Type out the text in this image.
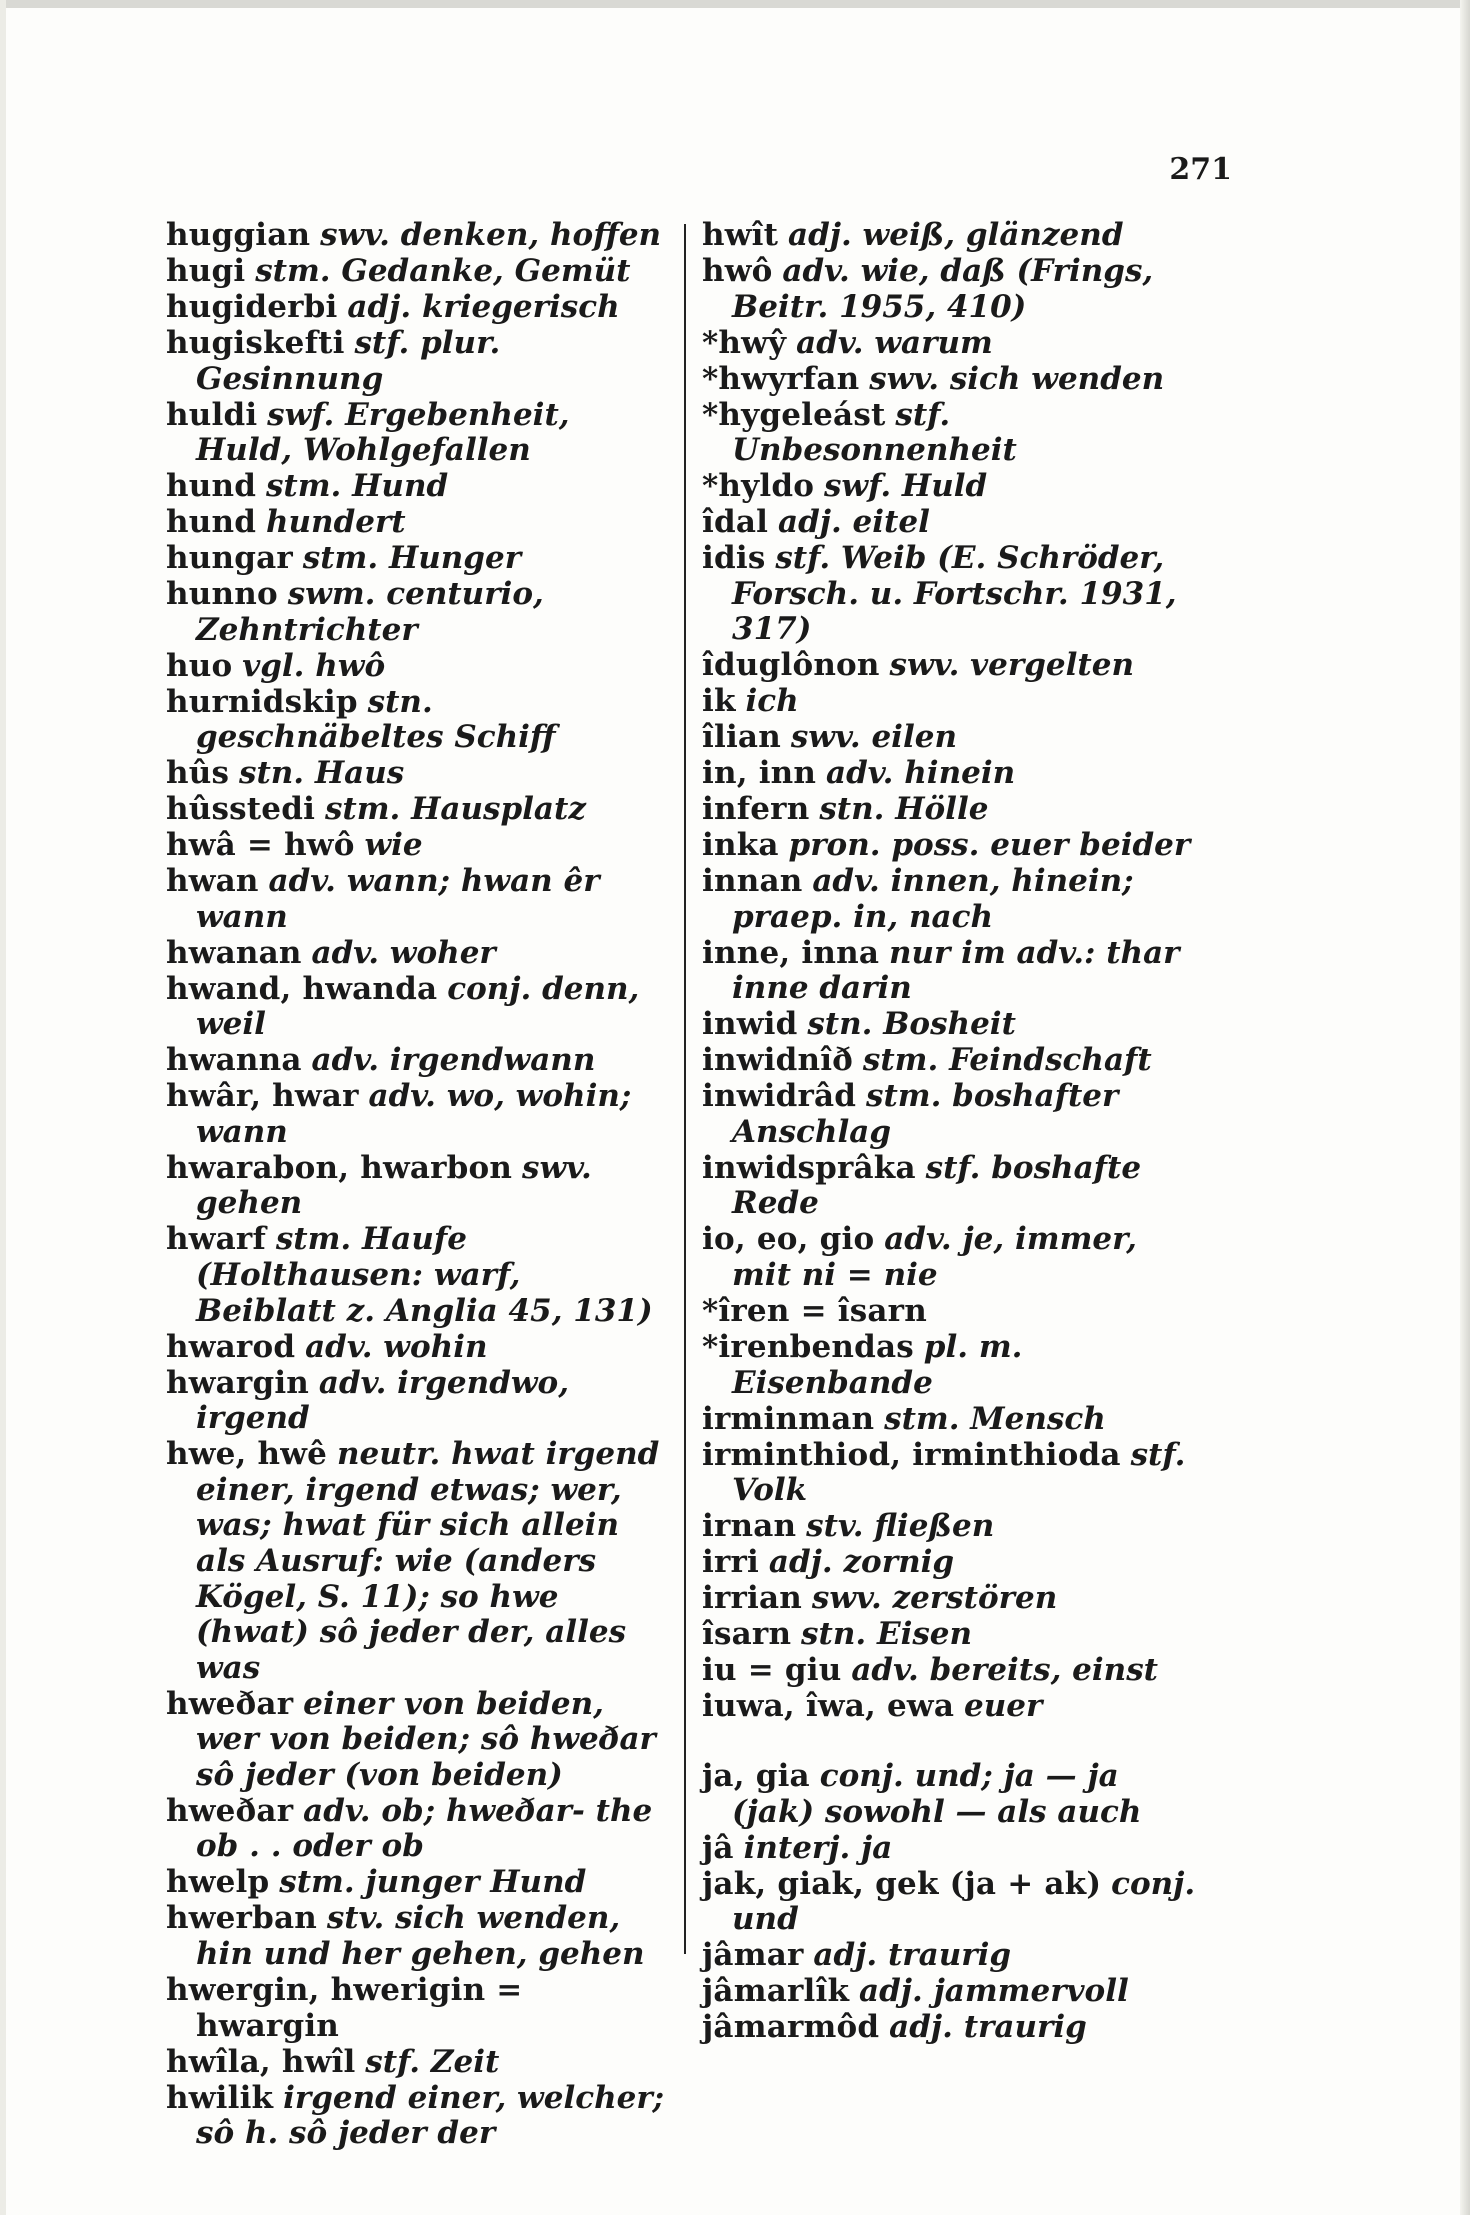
271
huggian swv. denken, hoffen
hugi stm. Gedanke, Gemüt
hugiderbi adj. kriegerisch
hugiskefti stf. plur. Gesinnung
huldi swf. Ergebenheit, Huld, Wohlgefallen
hund stm. Hund
hund hundert
hungar stm. Hunger
hunno swm. centurio, Zehntrichter
huo vgl. hwô
hurnidskip stn. geschnäbeltes Schiff
hûs stn. Haus
hûsstedi stm. Hausplatz
hwâ = hwô wie
hwan adv. wann; hwan êr wann
hwanan adv. woher
hwand, hwanda conj. denn, weil
hwanna adv. irgendwann
hwâr, hwar adv. wo, wohin; wann
hwarabon, hwarbon swv. gehen
hwarf stm. Haufe (Holthausen: warf, Beiblatt z. Anglia 45, 131)
hwarod adv. wohin
hwargin adv. irgendwo, irgend
hwe, hwê neutr. hwat irgend einer, irgend etwas; wer, was; hwat für sich allein als Ausruf: wie (anders Kögel, S. 11); so hwe (hwat) sô jeder der, alles was
hweðar einer von beiden, wer von beiden; sô hweðar sô jeder (von beiden)
hweðar adv. ob; hweðar- the ob . . oder ob
hwelp stm. junger Hund
hwerban stv. sich wenden, hin und her gehen, gehen
hwergin, hwerigin = hwargin
hwîla, hwîl stf. Zeit
hwilik irgend einer, welcher; sô h. sô jeder der
hwît adj. weiß, glänzend
hwô adv. wie, daß (Frings, Beitr. 1955, 410)
*hwŷ adv. warum
*hwyrfan swv. sich wenden
*hygeleást stf. Unbesonnenheit
*hyldo swf. Huld
îdal adj. eitel
idis stf. Weib (E. Schröder, Forsch. u. Fortschr. 1931, 317)
îduglônon swv. vergelten
ik ich
îlian swv. eilen
in, inn adv. hinein
infern stn. Hölle
inka pron. poss. euer beider
innan adv. innen, hinein; praep. in, nach
inne, inna nur im adv.: thar inne darin
inwid stn. Bosheit
inwidnîð stm. Feindschaft
inwidrâd stm. boshafter Anschlag
inwidsprâka stf. boshafte Rede
io, eo, gio adv. je, immer, mit ni = nie
*îren = îsarn
*irenbendas pl. m. Eisenbande
irminman stm. Mensch
irminthiod, irminthioda stf. Volk
irnan stv. fließen
irri adj. zornig
irrian swv. zerstören
îsarn stn. Eisen
iu = giu adv. bereits, einst
iuwa, îwa, ewa euer
ja, gia conj. und; ja — ja (jak) sowohl — als auch
jâ interj. ja
jak, giak, gek (ja + ak) conj. und
jâmar adj. traurig
jâmarlîk adj. jammervoll
jâmarmôd adj. traurig
